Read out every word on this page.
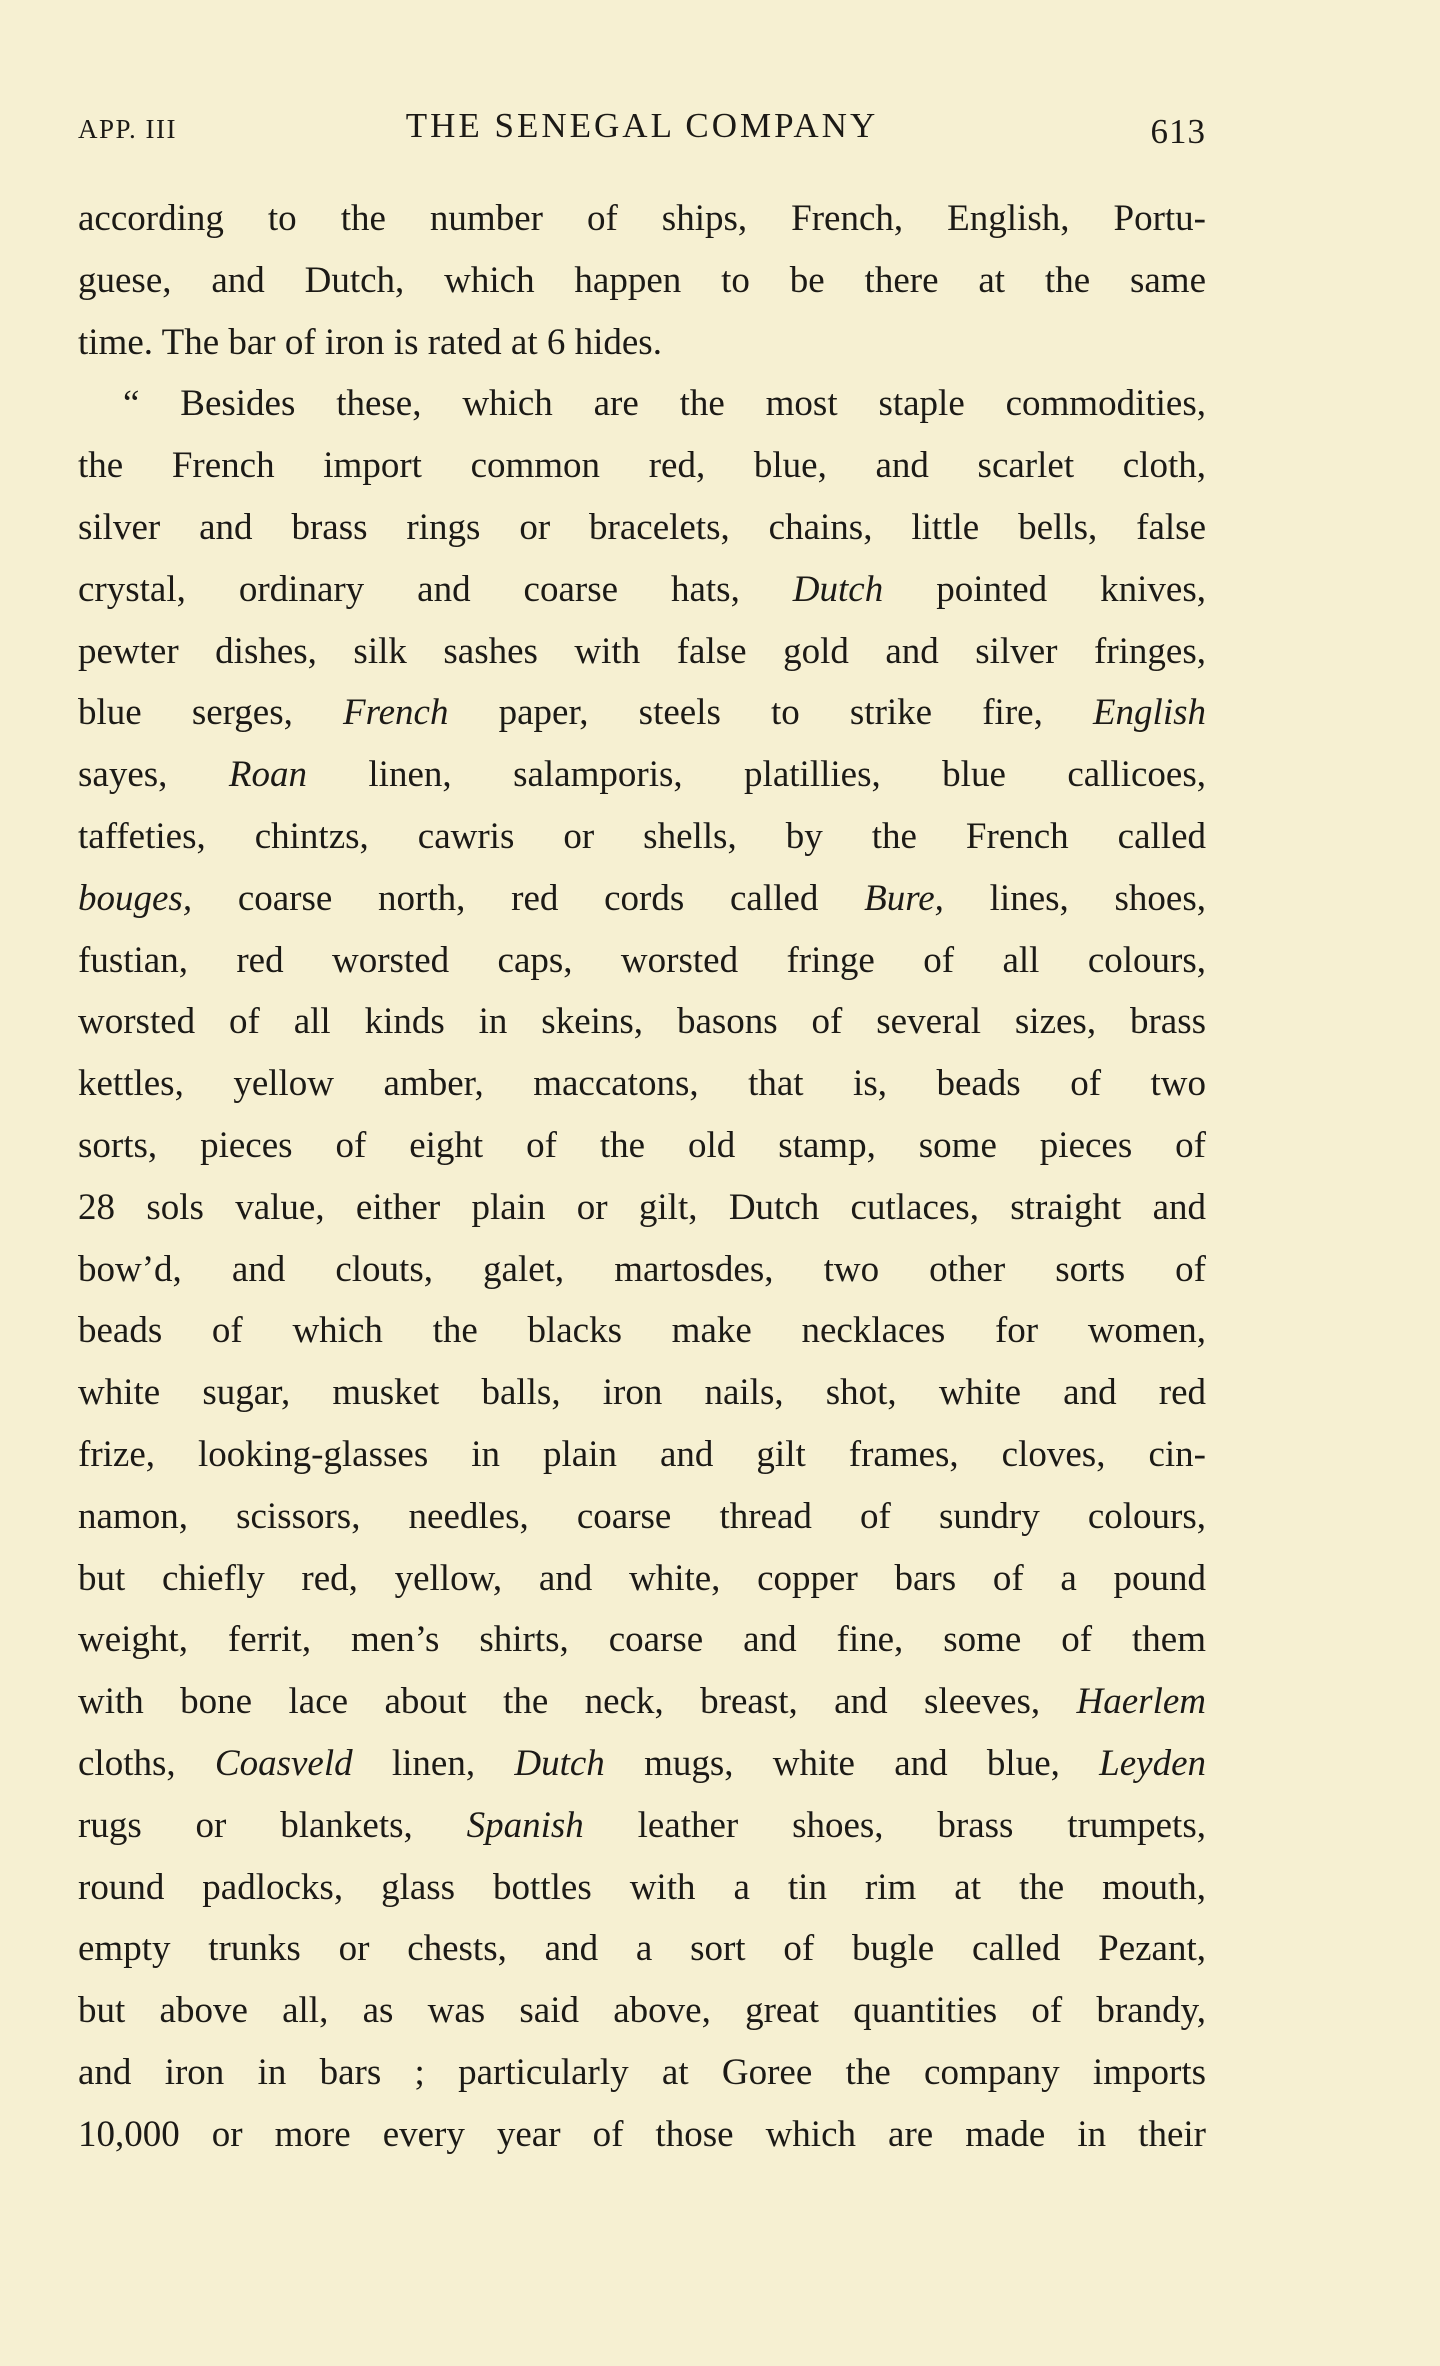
APP. III	THE SENEGAL COMPANY	613
according to the number of ships, French, English, Portu-
guese, and Dutch, which happen to be there at the same
time. The bar of iron is rated at 6 hides.
“ Besides these, which are the most staple commodities,
the French import common red, blue, and scarlet cloth,
silver and brass rings or bracelets, chains, little bells, false
crystal, ordinary and coarse hats, Dutch pointed knives,
pewter dishes, silk sashes with false gold and silver fringes,
blue serges, French paper, steels to strike fire, English
sayes, Roan linen, salamporis, platillies, blue callicoes,
taffeties, chintzs, cawris or shells, by the French called
bouges, coarse north, red cords called Bure, lines, shoes,
fustian, red worsted caps, worsted fringe of all colours,
worsted of all kinds in skeins, basons of several sizes, brass
kettles, yellow amber, maccatons, that is, beads of two
sorts, pieces of eight of the old stamp, some pieces of
28 sols value, either plain or gilt, Dutch cutlaces, straight and
bow’d, and clouts, galet, martosdes, two other sorts of
beads of which the blacks make necklaces for women,
white sugar, musket balls, iron nails, shot, white and red
frize, looking-glasses in plain and gilt frames, cloves, cin-
namon, scissors, needles, coarse thread of sundry colours,
but chiefly red, yellow, and white, copper bars of a pound
weight, ferrit, men’s shirts, coarse and fine, some of them
with bone lace about the neck, breast, and sleeves, Haerlem
cloths, Coasveld linen, Dutch mugs, white and blue, Leyden
rugs or blankets, Spanish leather shoes, brass trumpets,
round padlocks, glass bottles with a tin rim at the mouth,
empty trunks or chests, and a sort of bugle called Pezant,
but above all, as was said above, great quantities of brandy,
and iron in bars ; particularly at Goree the company imports
10,000 or more every year of those which are made in their
